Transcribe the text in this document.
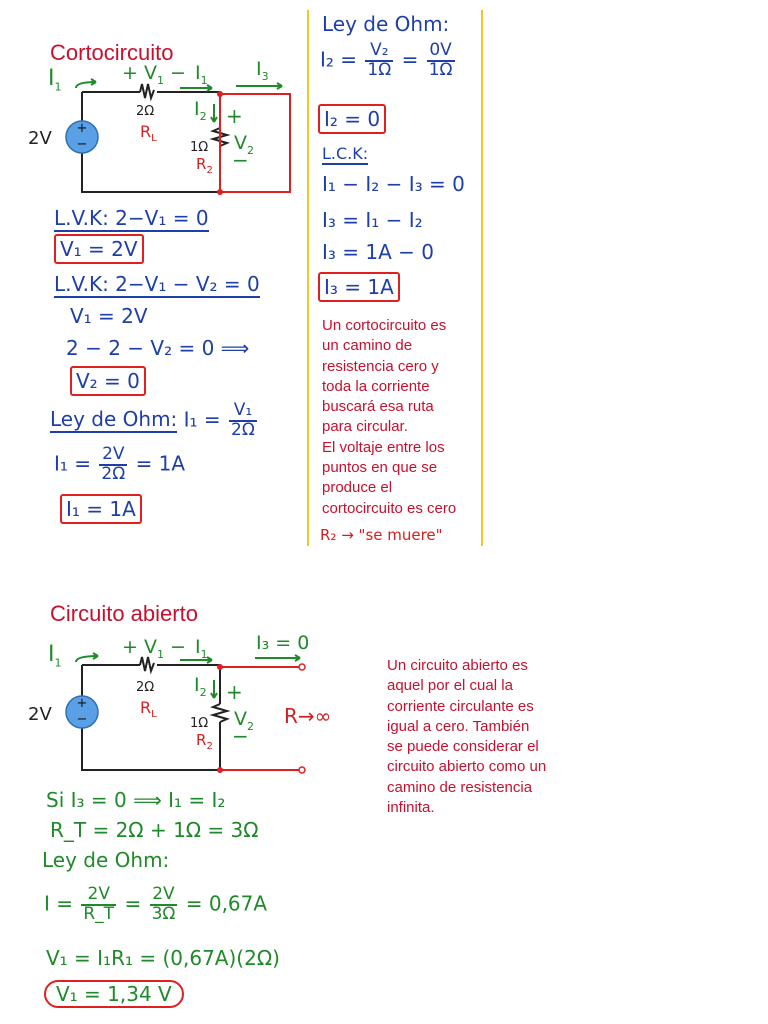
Cortocircuito
+
−
2V
$I_1$
+ $V_1 - I_1$
$I_3$
2Ω
$R_L$
1Ω
$R_2$
$I_2$ +
$V_2$
−
L.V.K: 2−V₁ = 0
V₁ = 2V
L.V.K: 2−V₁ − V₂ = 0
V₁ = 2V
2 − 2 − V₂ = 0 ⟹
V₂ = 0
Ley de Ohm: $I_1 = \frac{\text{V₁}}{2\Omega}$
$I_1 = \frac{2V}{2\Omega} = 1A$
I₁ = 1A
Ley de Ohm:
$I_2 = \frac{\text{V₂}}{1\Omega} = \frac{0V}{1\Omega}$
I₂ = 0
L.C.K:
I₁ − I₂ − I₃ = 0
I₃ = I₁ − I₂
I₃ = 1A − 0
I₃ = 1A
Un cortocircuito es
un camino de
resistencia cero y
toda la corriente
buscará esa ruta
para circular.
El voltaje entre los
puntos en que se
produce el
cortocircuito es cero
R₂ → "se muere"
Circuito abierto
+
−
2V
$I_1$
+ $V_1 - I_1$
I₃ = 0
2Ω
$R_L$
1Ω
$R_2$
$I_2$ +
$V_2$
−
R→∞
Un circuito abierto es
aquel por el cual la
corriente circulante es
igual a cero. También
se puede considerar el
circuito abierto como un
camino de resistencia
infinita.
Si I₃ = 0 ⟹ I₁ = I₂
R_T = 2Ω + 1Ω = 3Ω
Ley de Ohm:
$I = \frac{2V}{R\_T} = \frac{2V}{3\Omega} = 0,67A$
V₁ = I₁R₁ = (0,67A)(2Ω)
V₁ = 1,34 V
